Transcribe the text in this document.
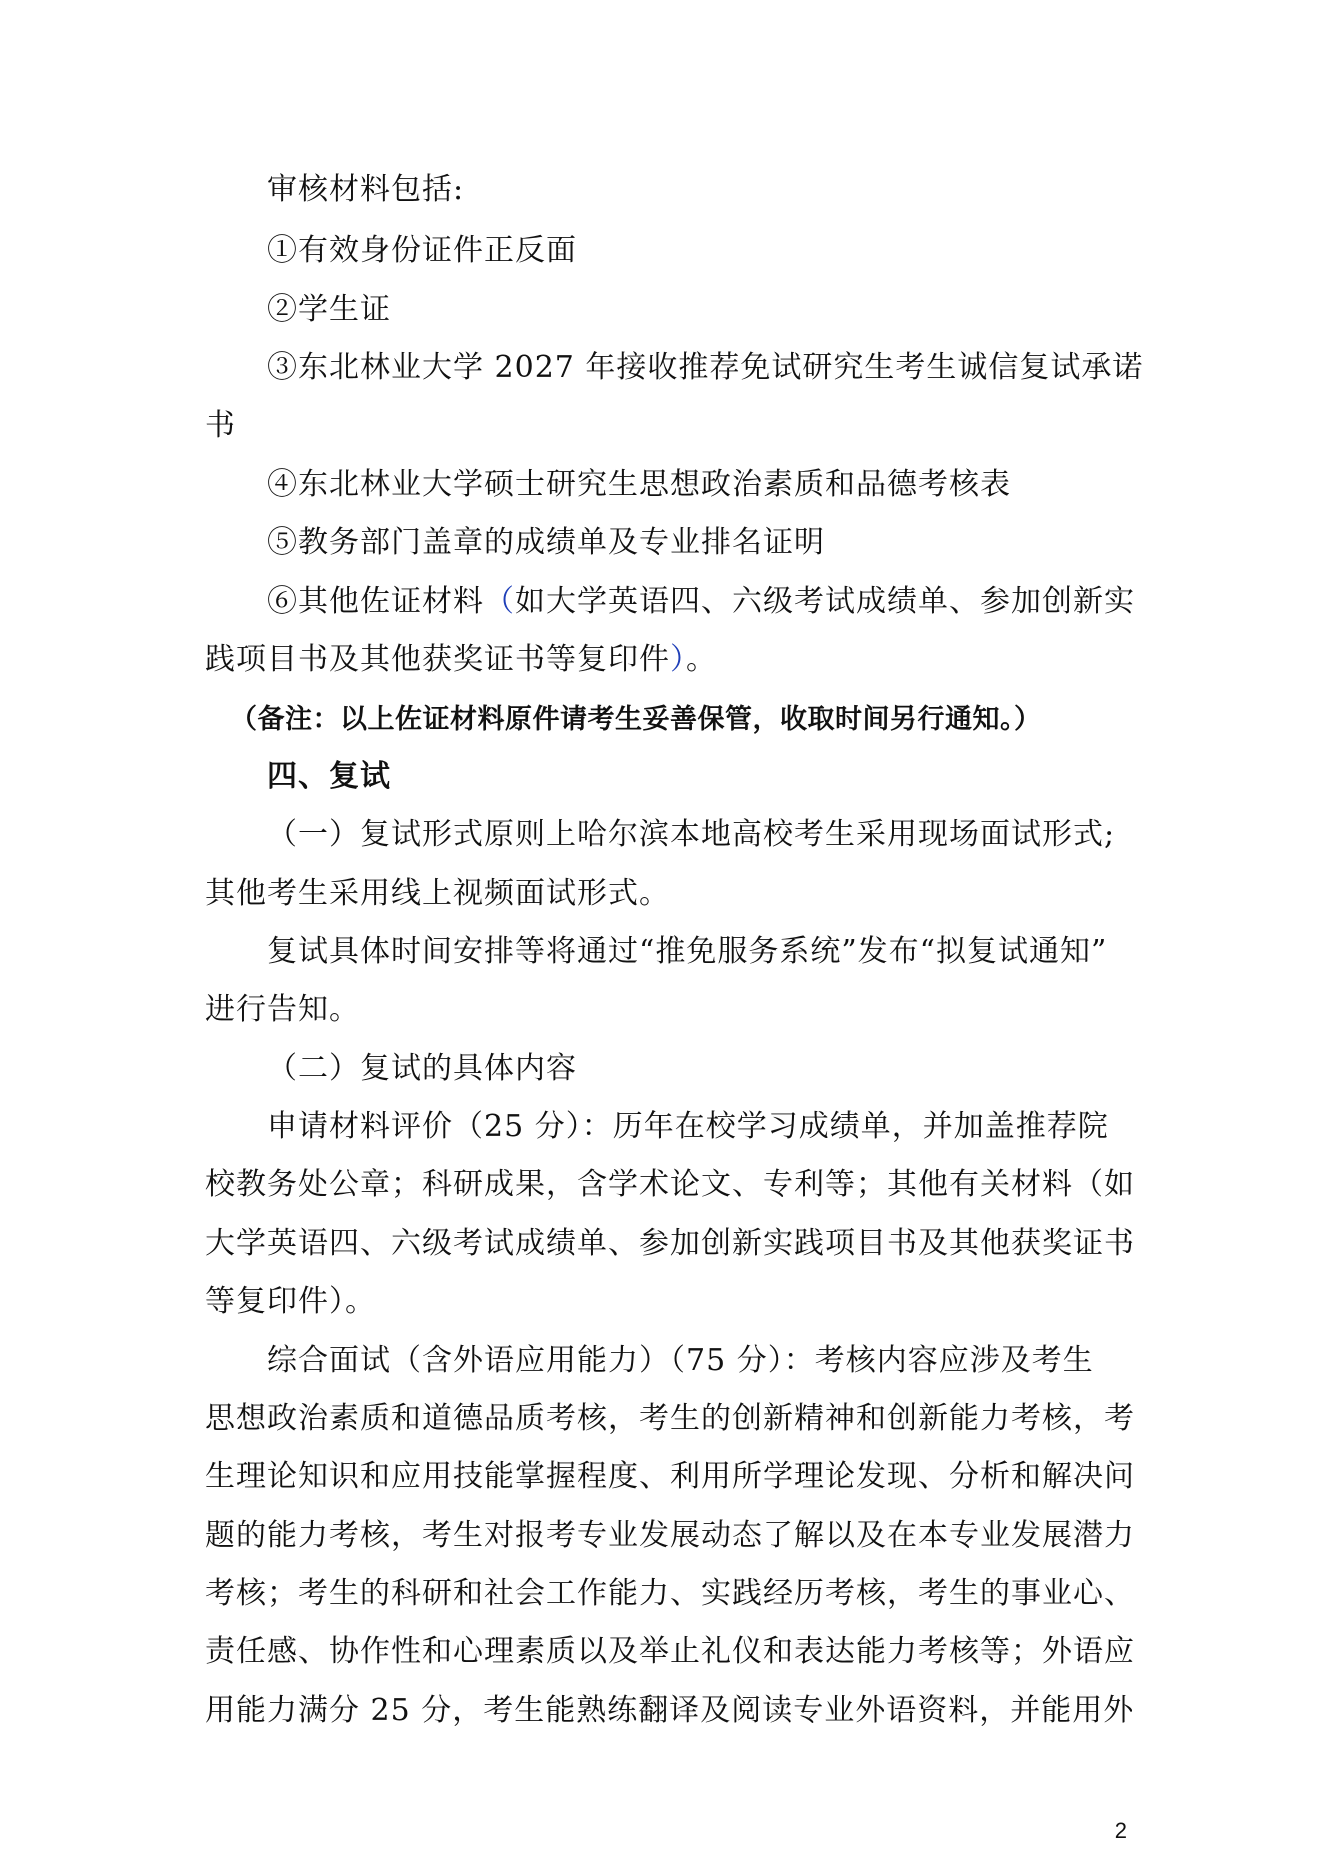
审核材料包括:
①有效身份证件正反面
②学生证
③东北林业大学 2027 年接收推荐免试研究生考生诚信复试承诺
书
④东北林业大学硕士研究生思想政治素质和品德考核表
⑤教务部门盖章的成绩单及专业排名证明
⑥其他佐证材料（如大学英语四、六级考试成绩单、参加创新实
践项目书及其他获奖证书等复印件）。
（备注：以上佐证材料原件请考生妥善保管，收取时间另行通知。）
四、复试
（一）复试形式原则上哈尔滨本地高校考生采用现场面试形式;
其他考生采用线上视频面试形式。
复试具体时间安排等将通过“推免服务系统”发布“拟复试通知”
进行告知。
（二）复试的具体内容
申请材料评价（25 分）：历年在校学习成绩单，并加盖推荐院
校教务处公章；科研成果，含学术论文、专利等；其他有关材料（如
大学英语四、六级考试成绩单、参加创新实践项目书及其他获奖证书
等复印件）。
综合面试（含外语应用能力）（75 分）：考核内容应涉及考生
思想政治素质和道德品质考核，考生的创新精神和创新能力考核，考
生理论知识和应用技能掌握程度、利用所学理论发现、分析和解决问
题的能力考核，考生对报考专业发展动态了解以及在本专业发展潜力
考核；考生的科研和社会工作能力、实践经历考核，考生的事业心、
责任感、协作性和心理素质以及举止礼仪和表达能力考核等；外语应
用能力满分 25 分，考生能熟练翻译及阅读专业外语资料，并能用外
2
